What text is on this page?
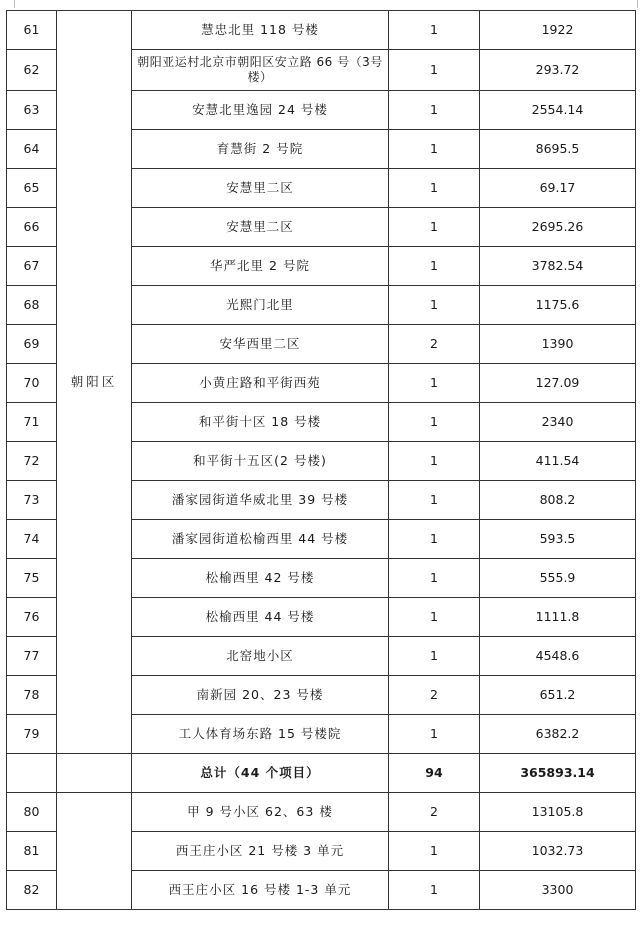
61	朝阳区	慧忠北里 118 号楼	1	1922
62		朝阳亚运村北京市朝阳区安立路 66 号（3号楼）	1	293.72
63		安慧北里逸园 24 号楼	1	2554.14
64		育慧街 2 号院	1	8695.5
65		安慧里二区	1	69.17
66		安慧里二区	1	2695.26
67		华严北里 2 号院	1	3782.54
68		光熙门北里	1	1175.6
69		安华西里二区	2	1390
70		小黄庄路和平街西苑	1	127.09
71		和平街十区 18 号楼	1	2340
72		和平街十五区(2 号楼)	1	411.54
73		潘家园街道华威北里 39 号楼	1	808.2
74		潘家园街道松榆西里 44 号楼	1	593.5
75		松榆西里 42 号楼	1	555.9
76		松榆西里 44 号楼	1	1111.8
77		北窑地小区	1	4548.6
78		南新园 20、23 号楼	2	651.2
79		工人体育场东路 15 号楼院	1	6382.2
		总计（44 个项目）	94	365893.14
80		甲 9 号小区 62、63 楼	2	13105.8
81		西王庄小区 21 号楼 3 单元	1	1032.73
82		西王庄小区 16 号楼 1-3 单元	1	3300
